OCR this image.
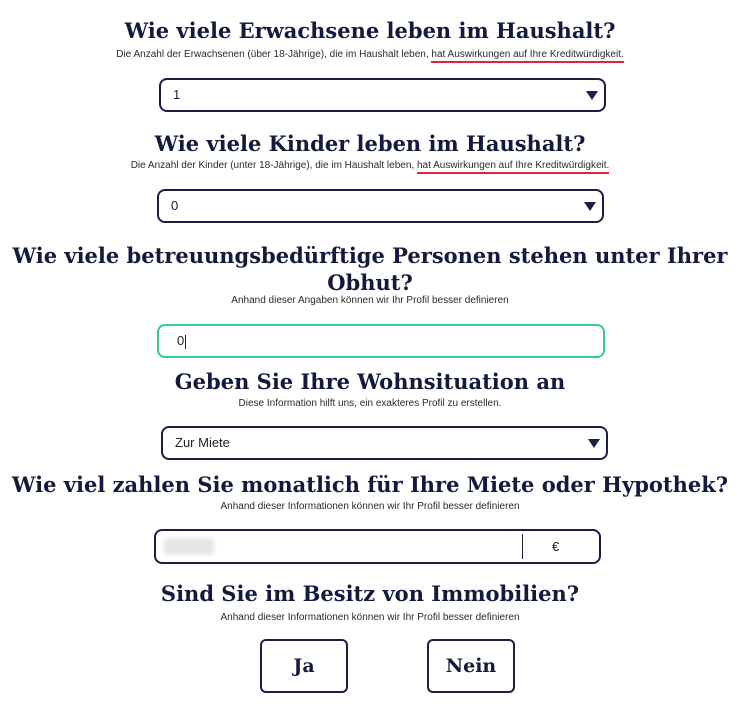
Wie viele Erwachsene leben im Haushalt?

Die Anzahl der Erwachsenen (über 18-Jährige), die im Haushalt leben, hat Auswirkungen auf Ihre Kreditwürdigkeit.

1
Wie viele Kinder leben im Haushalt?

Die Anzahl der Kinder (unter 18-Jährige), die im Haushalt leben, hat Auswirkungen auf Ihre Kreditwürdigkeit.

0
Wie viele betreuungsbedürftige Personen stehen unter Ihrer
Obhut?

Anhand dieser Angaben können wir Ihr Profil besser definieren

0
Geben Sie Ihre Wohnsituation an

Diese Information hilft uns, ein exakteres Profil zu erstellen.

Zur Miete
Wie viel zahlen Sie monatlich für Ihre Miete oder Hypothek?

Anhand dieser Informationen können wir Ihr Profil besser definieren

€
Sind Sie im Besitz von Immobilien?

Anhand dieser Informationen können wir Ihr Profil besser definieren

Ja	Nein
